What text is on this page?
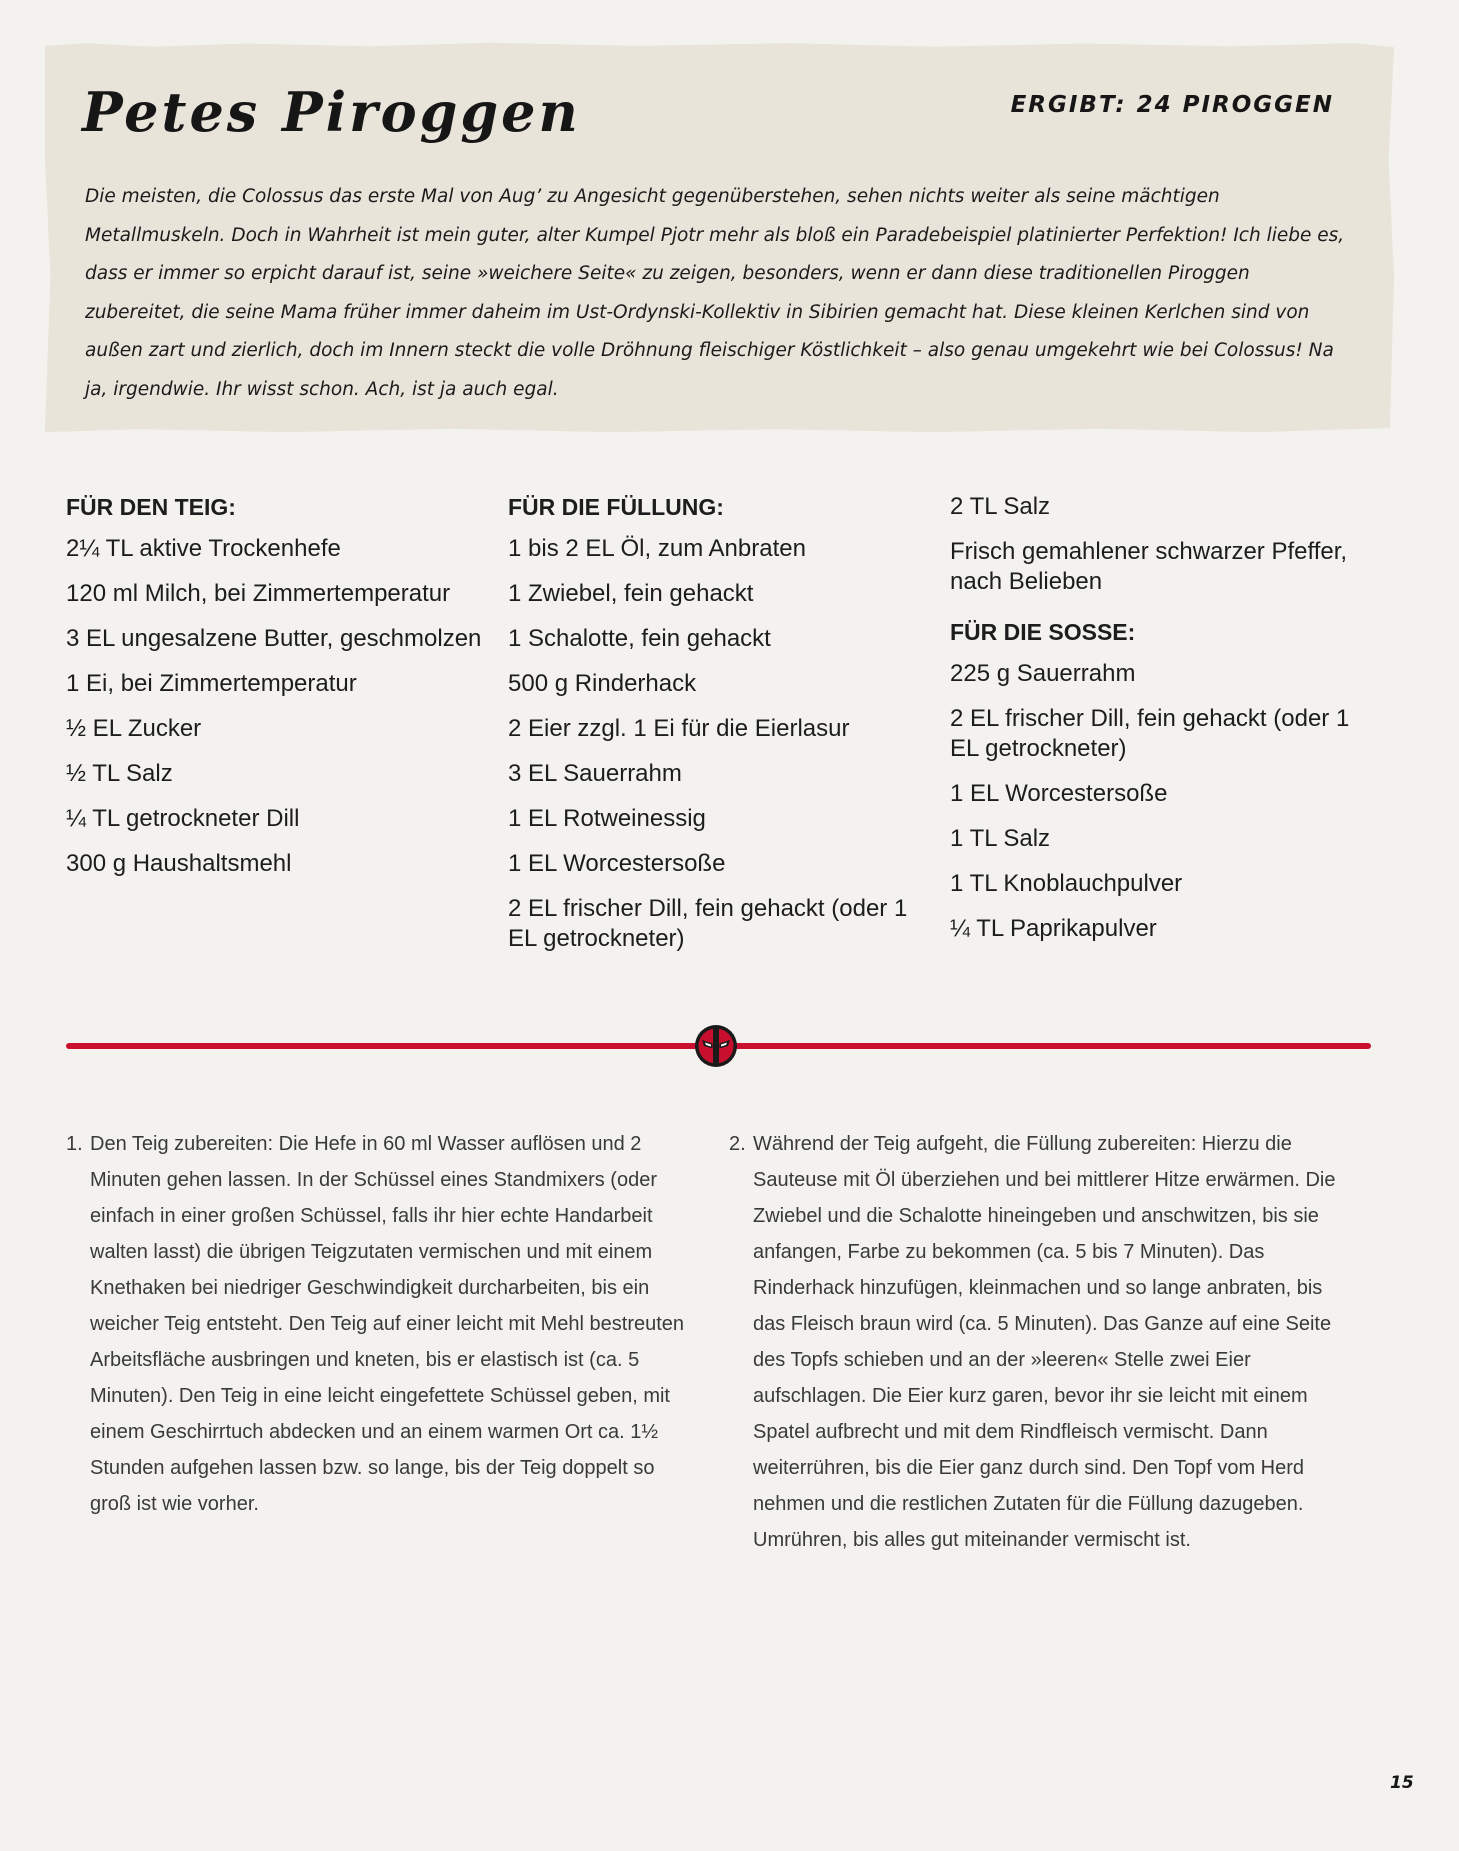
Petes Piroggen	ERGIBT: 24 PIROGGEN

Die meisten, die Colossus das erste Mal von Aug’ zu Angesicht gegenüberstehen, sehen nichts weiter als seine mächtigen Metallmuskeln. Doch in Wahrheit ist mein guter, alter Kumpel Pjotr mehr als bloß ein Paradebeispiel platinierter Perfektion! Ich liebe es, dass er immer so erpicht darauf ist, seine »weichere Seite« zu zeigen, besonders, wenn er dann diese traditionellen Piroggen zubereitet, die seine Mama früher immer daheim im Ust-Ordynski-Kollektiv in Sibirien gemacht hat. Diese kleinen Kerlchen sind von außen zart und zierlich, doch im Innern steckt die volle Dröhnung fleischiger Köstlichkeit – also genau umgekehrt wie bei Colossus! Na ja, irgendwie. Ihr wisst schon. Ach, ist ja auch egal.

FÜR DEN TEIG:
2¼ TL aktive Trockenhefe
120 ml Milch, bei Zimmertemperatur
3 EL ungesalzene Butter, geschmolzen
1 Ei, bei Zimmertemperatur
½ EL Zucker
½ TL Salz
¼ TL getrockneter Dill
300 g Haushaltsmehl
FÜR DIE FÜLLUNG:
1 bis 2 EL Öl, zum Anbraten
1 Zwiebel, fein gehackt
1 Schalotte, fein gehackt
500 g Rinderhack
2 Eier zzgl. 1 Ei für die Eierlasur
3 EL Sauerrahm
1 EL Rotweinessig
1 EL Worcestersoße
2 EL frischer Dill, fein gehackt (oder 1 EL getrockneter)
2 TL Salz
Frisch gemahlener schwarzer Pfeffer, nach Belieben
FÜR DIE SOSSE:
225 g Sauerrahm
2 EL frischer Dill, fein gehackt (oder 1 EL getrockneter)
1 EL Worcestersoße
1 TL Salz
1 TL Knoblauchpulver
¼ TL Paprikapulver
1. Den Teig zubereiten: Die Hefe in 60 ml Wasser auflösen und 2 Minuten gehen lassen. In der Schüssel eines Standmixers (oder einfach in einer großen Schüssel, falls ihr hier echte Handarbeit walten lasst) die übrigen Teigzutaten vermischen und mit einem Knethaken bei niedriger Geschwindigkeit durcharbeiten, bis ein weicher Teig entsteht. Den Teig auf einer leicht mit Mehl bestreuten Arbeitsfläche ausbringen und kneten, bis er elastisch ist (ca. 5 Minuten). Den Teig in eine leicht eingefettete Schüssel geben, mit einem Geschirrtuch abdecken und an einem warmen Ort ca. 1½ Stunden aufgehen lassen bzw. so lange, bis der Teig doppelt so groß ist wie vorher.

2. Während der Teig aufgeht, die Füllung zubereiten: Hierzu die Sauteuse mit Öl überziehen und bei mittlerer Hitze erwärmen. Die Zwiebel und die Schalotte hineingeben und anschwitzen, bis sie anfangen, Farbe zu bekommen (ca. 5 bis 7 Minuten). Das Rinderhack hinzufügen, kleinmachen und so lange anbraten, bis das Fleisch braun wird (ca. 5 Minuten). Das Ganze auf eine Seite des Topfs schieben und an der »leeren« Stelle zwei Eier aufschlagen. Die Eier kurz garen, bevor ihr sie leicht mit einem Spatel aufbrecht und mit dem Rindfleisch vermischt. Dann weiterrühren, bis die Eier ganz durch sind. Den Topf vom Herd nehmen und die restlichen Zutaten für die Füllung dazugeben. Umrühren, bis alles gut miteinander vermischt ist.

15
